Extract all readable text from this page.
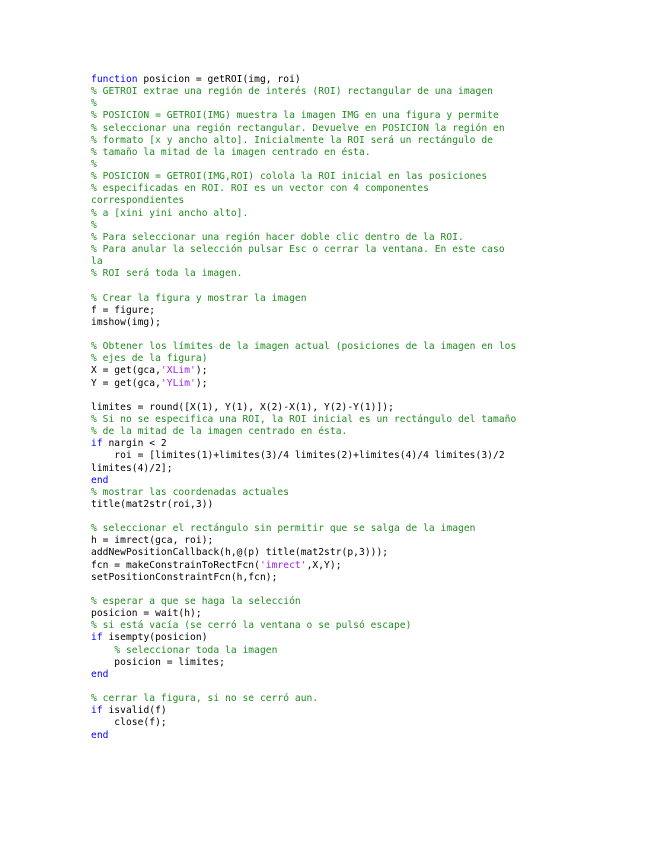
function posicion = getROI(img, roi)
% GETROI extrae una región de interés (ROI) rectangular de una imagen
%
% POSICION = GETROI(IMG) muestra la imagen IMG en una figura y permite
% seleccionar una región rectangular. Devuelve en POSICION la región en
% formato [x y ancho alto]. Inicialmente la ROI será un rectángulo de
% tamaño la mitad de la imagen centrado en ésta.
%
% POSICION = GETROI(IMG,ROI) colola la ROI inicial en las posiciones
% especificadas en ROI. ROI es un vector con 4 componentes
correspondientes
% a [xini yini ancho alto].
%
% Para seleccionar una región hacer doble clic dentro de la ROI.
% Para anular la selección pulsar Esc o cerrar la ventana. En este caso
la
% ROI será toda la imagen.
% Crear la figura y mostrar la imagen
f = figure;
imshow(img);
% Obtener los límites de la imagen actual (posiciones de la imagen en los
% ejes de la figura)
X = get(gca,'XLim');
Y = get(gca,'YLim');
limites = round([X(1), Y(1), X(2)-X(1), Y(2)-Y(1)]);
% Si no se especifica una ROI, la ROI inicial es un rectángulo del tamaño
% de la mitad de la imagen centrado en ésta.
if nargin < 2
roi = [limites(1)+limites(3)/4 limites(2)+limites(4)/4 limites(3)/2
limites(4)/2];
end
% mostrar las coordenadas actuales
title(mat2str(roi,3))
% seleccionar el rectángulo sin permitir que se salga de la imagen
h = imrect(gca, roi);
addNewPositionCallback(h,@(p) title(mat2str(p,3)));
fcn = makeConstrainToRectFcn('imrect',X,Y);
setPositionConstraintFcn(h,fcn);
% esperar a que se haga la selección
posicion = wait(h);
% si está vacía (se cerró la ventana o se pulsó escape)
if isempty(posicion)
% seleccionar toda la imagen
posicion = limites;
end
% cerrar la figura, si no se cerró aun.
if isvalid(f)
close(f);
end
